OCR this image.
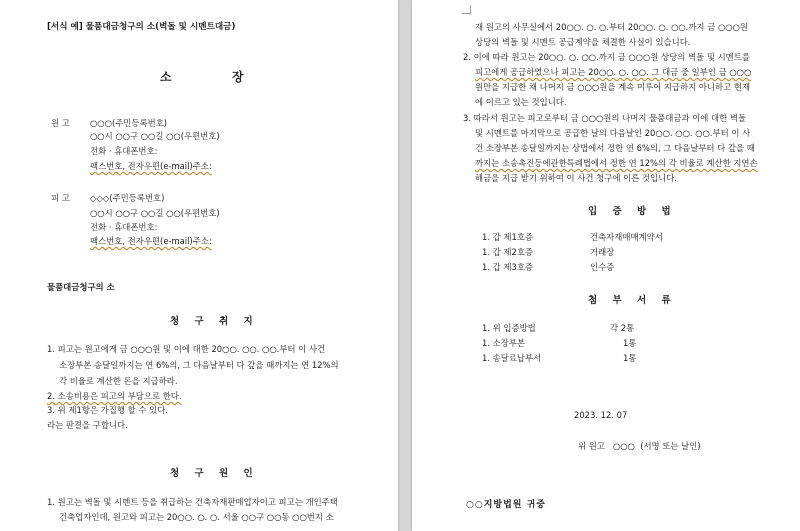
[서식 예] 물품대금청구의 소(벽돌 및 시멘트대금)
소	장
원 고 ○○○(주민등록번호)
○○시 ○○구 ○○길 ○○(우편번호)
전화 · 휴대폰번호:
팩스번호, 전자우편(e-mail)주소:
피 고 ◇◇◇(주민등록번호)
○○시 ○○구 ○○길 ○○(우편번호)
전화 · 휴대폰번호:
팩스번호, 전자우편(e-mail)주소:
물품대금청구의 소
청 구 취 지
1. 피고는 원고에게 금 ○○○원 및 이에 대한 20○○. ○○. ○○.부터 이 사건
소장부본 송달일까지는 연 6%의, 그 다음날부터 다 갚을 때까지는 연 12%의
각 비율로 계산한 돈을 지급하라.
2. 소송비용은 피고의 부담으로 한다.
3. 위 제1항은 가집행 할 수 있다.
라는 판결을 구합니다.
청 구 원 인
1. 원고는 벽돌 및 시멘트 등을 취급하는 건축자재판매업자이고 피고는 개인주택
건축업자인데, 원고와 피고는 20○○. ○. ○. 서울 ○○구 ○○동 ○○번지 소
재 원고의 사무실에서 20○○. ○. ○.부터 20○○. ○. ○○.까지 금 ○○○원
상당의 벽돌 및 시멘트 공급계약을 체결한 사실이 있습니다.
2. 이에 따라 원고는 20○○. ○. ○○.까지 금 ○○○원 상당의 벽돌 및 시멘트를
피고에게 공급하였으나 피고는 20○○. ○. ○○. 그 대금 중 일부인 금 ○○○
원만을 지급한 채 나머지 금 ○○○원을 계속 미루어 지급하지 아니하고 현재
에 이르고 있는 것입니다.
3. 따라서 원고는 피고로부터 금 ○○○원의 나머지 물품대금과 이에 대한 벽돌
및 시멘트를 마지막으로 공급한 날의 다음날인 20○○. ○○. ○○.부터 이 사
건 소장부본 송달일까지는 상법에서 정한 연 6%의, 그 다음날부터 다 갚을 때
까지는 소송촉진등에관한특례법에서 정한 연 12%의 각 비율로 계산한 지연손
해금을 지급 받기 위하여 이 사건 청구에 이른 것입니다.
입 증 방 법
1. 갑 제1호증	건축자재매매계약서
1. 갑 제2호증	거래장
1. 갑 제3호증	인수증
첨 부 서 류
1. 위 입증방법	각 2통
1. 소장부본	1통
1. 송달료납부서	1통
2023. 12. 07
위 원고 ○○○ (서명 또는 날인)
○○지방법원 귀중
